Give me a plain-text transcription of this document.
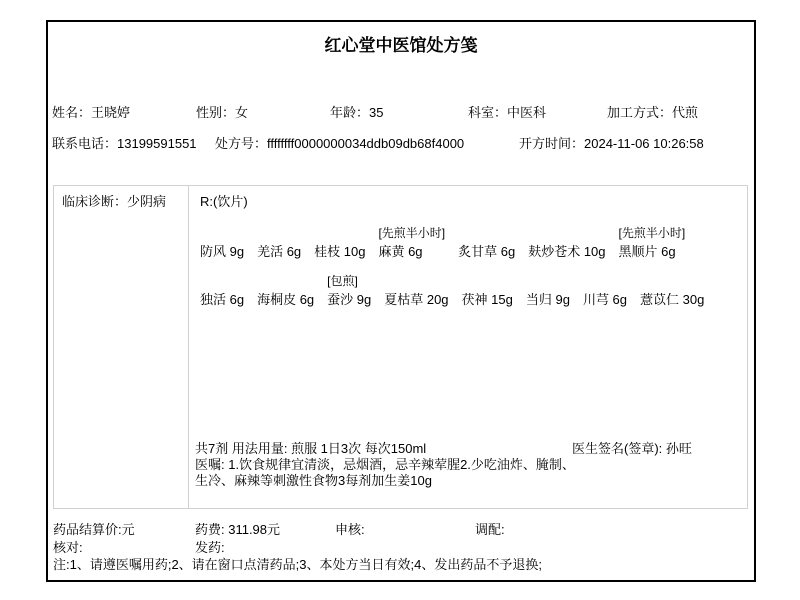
红心堂中医馆处方笺
姓名：王晓婷	性别：女	年龄：35	科室：中医科	加工方式：代煎
联系电话：13199591551 处方号：ffffffff0000000034ddb09db68f4000	开方时间：2024-11-06 10:26:58
临床诊断：少阴病	R:(饮片)
防风 9g 羌活 6g 桂枝 10g
[先煎半小时]
麻黄 6g	炙甘草 6g 麸炒苍术 10g
[先煎半小时]
黑顺片 6g
独活 6g 海桐皮 6g
[包煎]
蚕沙 9g 夏枯草 20g 茯神 15g 当归 9g 川芎 6g 薏苡仁 30g
共7剂 用法用量: 煎服 1日3次 每次150ml	医生签名(签章): 孙旺
医嘱: 1.饮食规律宜清淡，忌烟酒，忌辛辣荤腥2.少吃油炸、腌制、
生冷、麻辣等刺激性食物3每剂加生姜10g
药品结算价:元	药费: 311.98元	申核:	调配:
核对:	发药:
注:1、请遵医嘱用药;2、请在窗口点清药品;3、本处方当日有效;4、发出药品不予退换;
